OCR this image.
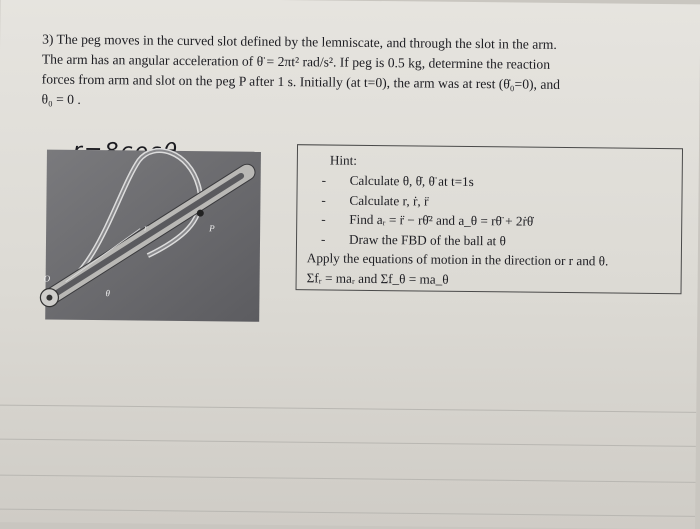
3) The peg moves in the curved slot defined by the lemniscate, and through the slot in the arm.
The arm has an angular acceleration of θ̈ = 2πt² rad/s². If peg is 0.5 kg, determine the reaction
forces from arm and slot on the peg P after 1 s. Initially (at t=0), the arm was at rest (θ̇₀=0), and
θ₀ = 0 .
r	P
O
θ
Hint:
- Calculate θ, θ̇, θ̈ at t=1s
- Calculate r, ṙ, r̈
- Find aᵣ = r̈ − rθ̇² and a_θ = rθ̈ + 2ṙθ̇
- Draw the FBD of the ball at θ
Apply the equations of motion in the direction or r and θ.
Σfᵣ = maᵣ and Σf_θ = ma_θ
